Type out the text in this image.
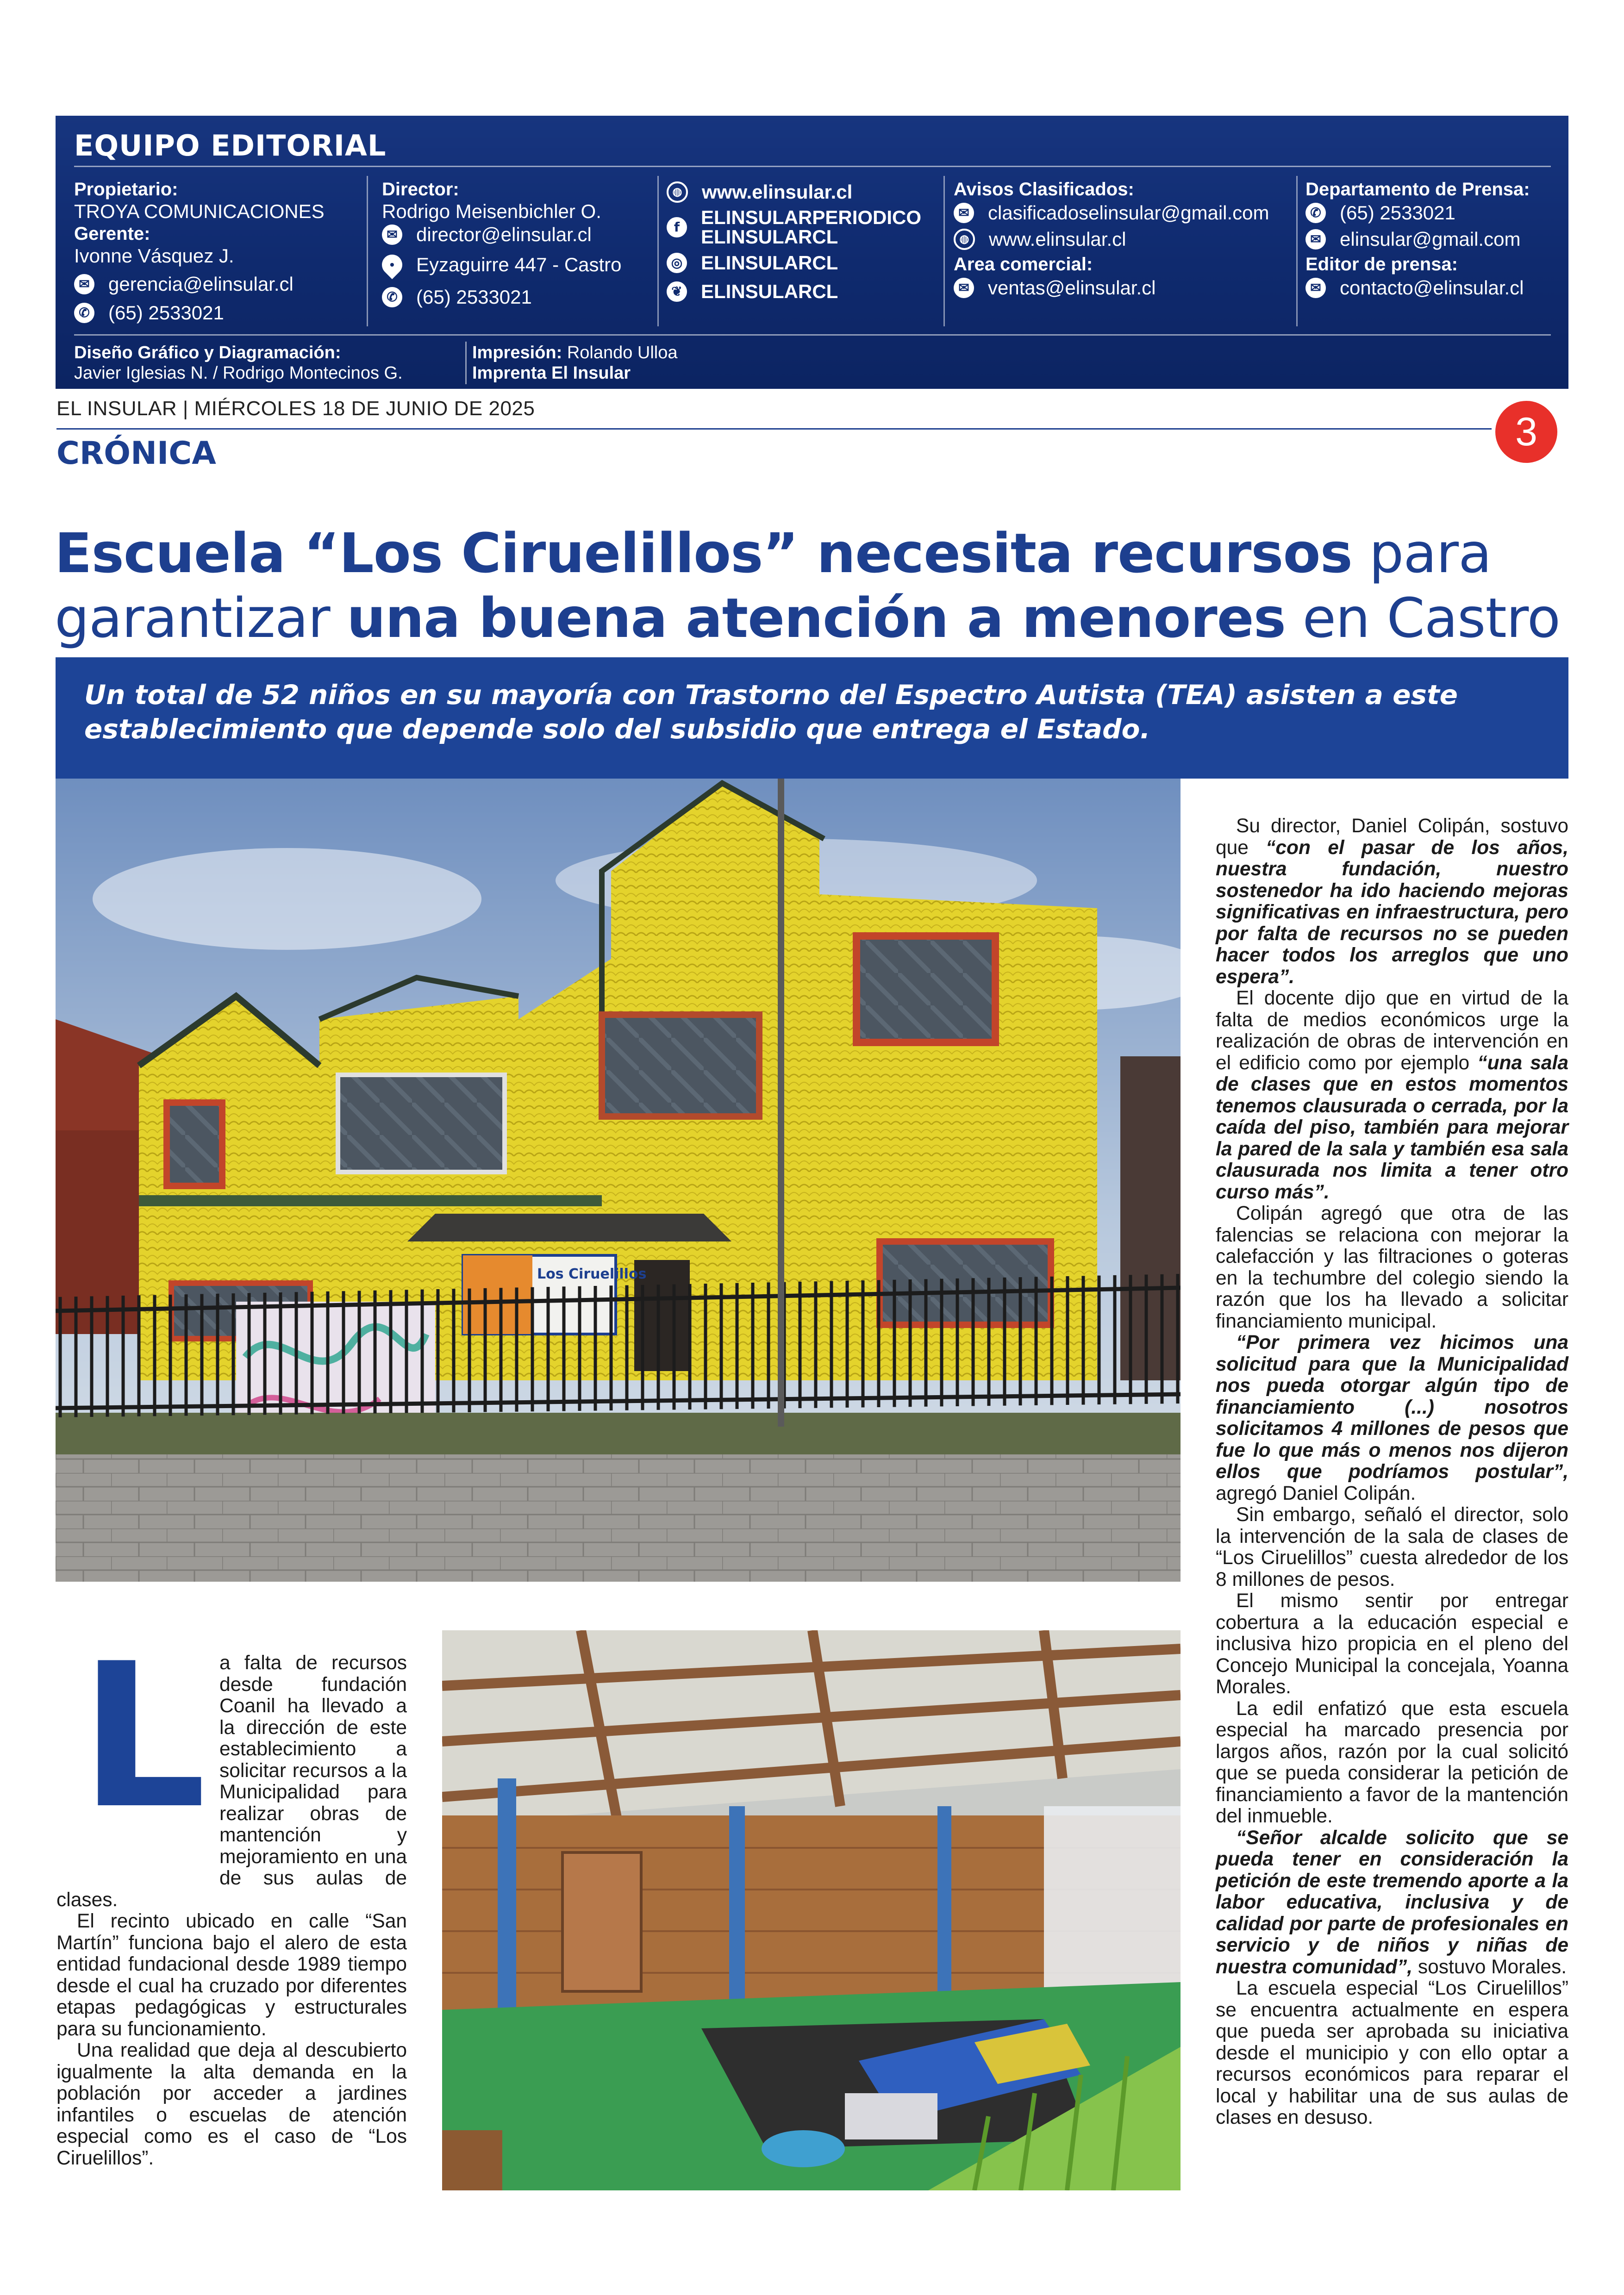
EQUIPO EDITORIAL
Propietario:
TROYA COMUNICACIONES
Gerente:
Ivonne Vásquez J.
✉ gerencia@elinsular.cl
✆ (65) 2533021
Director:
Rodrigo Meisenbichler O.
✉ director@elinsular.cl
• Eyzaguirre 447 - Castro
✆ (65) 2533021
◍ www.elinsular.cl
f	ELINSULARPERIODICO
ELINSULARCL
◎ ELINSULARCL
❦ ELINSULARCL
Avisos Clasificados:
✉ clasificadoselinsular@gmail.com
◍ www.elinsular.cl
Area comercial:
✉ ventas@elinsular.cl
Departamento de Prensa:
✆ (65) 2533021
✉ elinsular@gmail.com
Editor de prensa:
✉ contacto@elinsular.cl
Diseño Gráfico y Diagramación:
Javier Iglesias N. / Rodrigo Montecinos G.
Impresión: Rolando Ulloa
Imprenta El Insular
EL INSULAR | MIÉRCOLES 18 DE JUNIO DE 2025
3
CRÓNICA
Escuela “Los Ciruelillos” necesita recursos para
garantizar una buena atención a menores en Castro

Un total de 52 niños en su mayoría con Trastorno del Espectro Autista (TEA) asisten a este establecimiento que depende solo del subsidio que entrega el Estado.

Los Ciruelillos

Su director, Daniel Colipán, sostuvo que “con el pasar de los años, nuestra fundación, nuestro sostenedor ha ido haciendo mejoras significativas en infraestructura, pero por falta de recursos no se pueden hacer todos los arreglos que uno espera”.

El docente dijo que en virtud de la falta de medios económicos urge la realización de obras de intervención en el edificio como por ejemplo “una sala de clases que en estos momentos tenemos clausurada o cerrada, por la caída del piso, también para mejorar la pared de la sala y también esa sala clausurada nos limita a tener otro curso más”.

Colipán agregó que otra de las falencias se relaciona con mejorar la calefacción y las filtraciones o goteras en la techumbre del colegio siendo la razón que los ha llevado a solicitar financiamiento municipal.

“Por primera vez hicimos una solicitud para que la Municipalidad nos pueda otorgar algún tipo de financiamiento (...) nosotros solicitamos 4 millones de pesos que fue lo que más o menos nos dijeron ellos que podríamos postular”, agregó Daniel Colipán.

Sin embargo, señaló el director, solo la intervención de la sala de clases de “Los Ciruelillos” cuesta alrededor de los 8 millones de pesos.

El mismo sentir por entregar cobertura a la educación especial e inclusiva hizo propicia en el pleno del Concejo Municipal la concejala, Yoanna Morales.

La edil enfatizó que esta escuela especial ha marcado presencia por largos años, razón por la cual solicitó que se pueda considerar la petición de financiamiento a favor de la mantención del inmueble.

“Señor alcalde solicito que se pueda tener en consideración la petición de este tremendo aporte a la labor educativa, inclusiva y de calidad por parte de profesionales en servicio y de niños y niñas de nuestra comunidad”, sostuvo Morales.

La escuela especial “Los Ciruelillos” se encuentra actualmente en espera que pueda ser aprobada su iniciativa desde el municipio y con ello optar a recursos económicos para reparar el local y habilitar una de sus aulas de clases en desuso.

La falta de recursos desde fundación Coanil ha llevado a la dirección de este establecimiento a solicitar recursos a la Municipalidad para realizar obras de mantención y mejoramiento en una de sus aulas de clases.

El recinto ubicado en calle “San Martín” funciona bajo el alero de esta entidad fundacional desde 1989 tiempo desde el cual ha cruzado por diferentes etapas pedagógicas y estructurales para su funcionamiento.

Una realidad que deja al descubierto igualmente la alta demanda en la población por acceder a jardines infantiles o escuelas de atención especial como es el caso de “Los Ciruelillos”.
